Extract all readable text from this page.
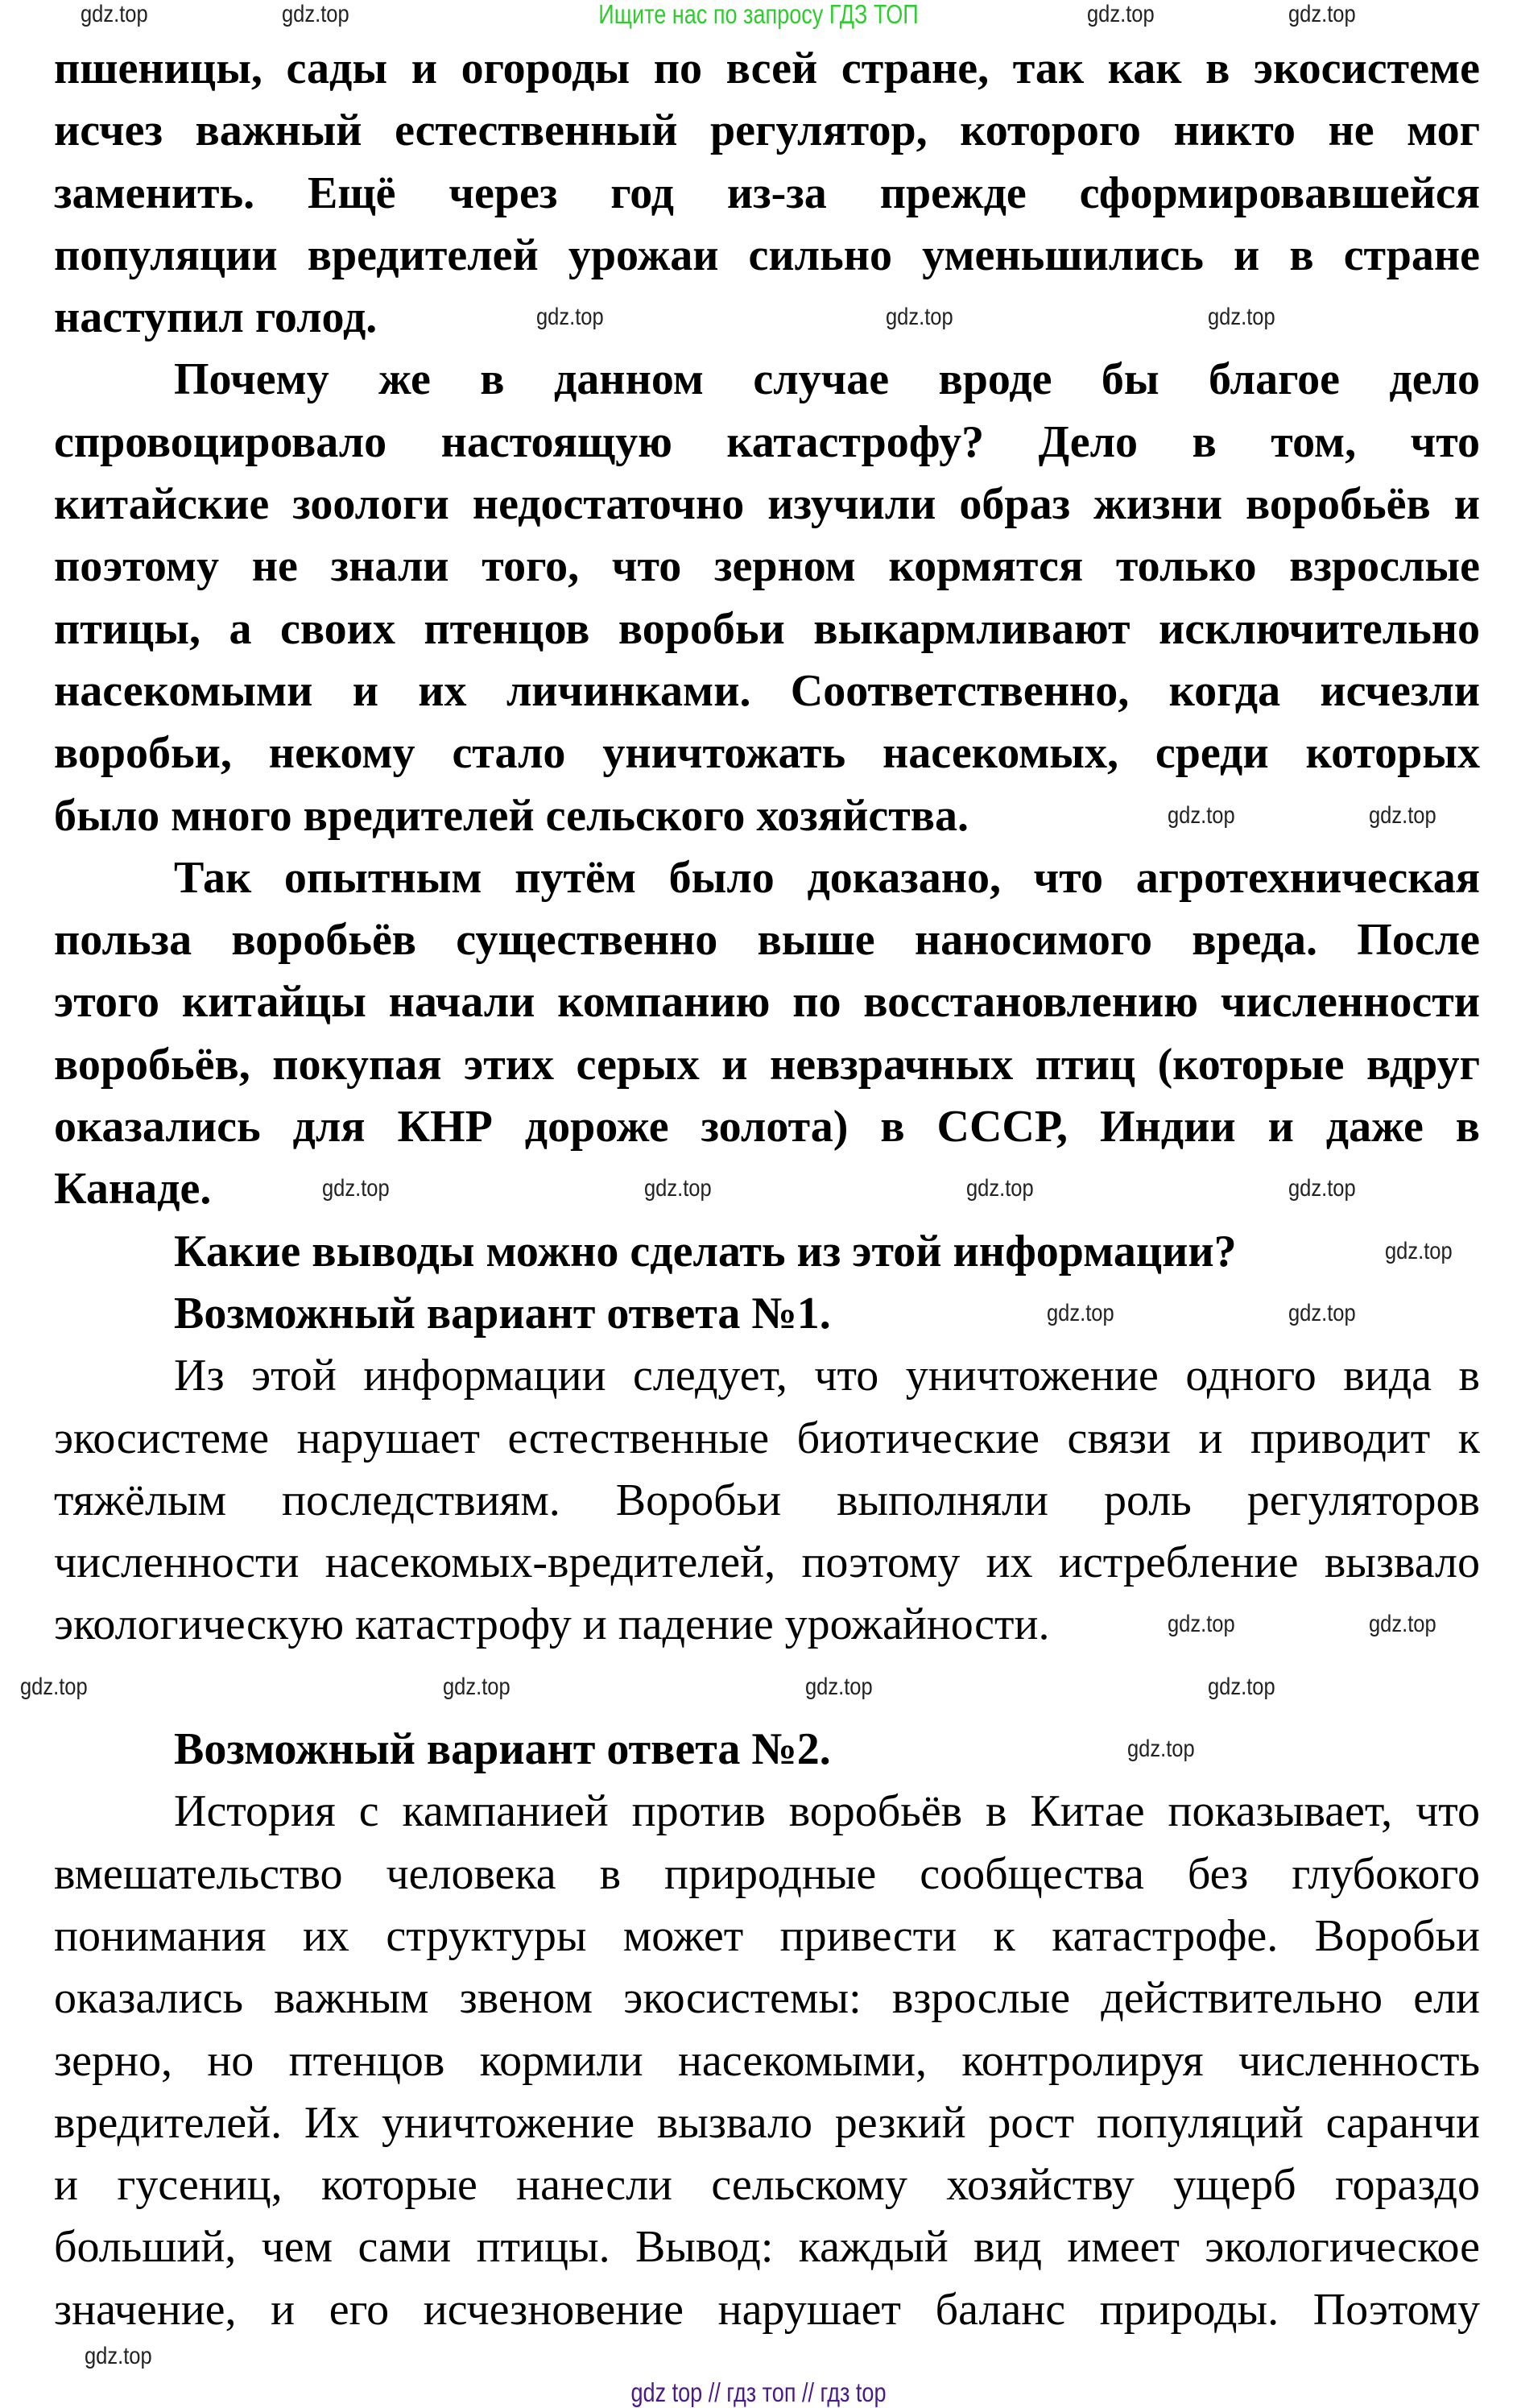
Ищите нас по запросу ГДЗ ТОП
пшеницы, сады и огороды по всей стране, так как в экосистеме
исчез важный естественный регулятор, которого никто не мог
заменить. Ещё через год из-за прежде сформировавшейся
популяции вредителей урожаи сильно уменьшились и в стране
наступил голод.
Почему же в данном случае вроде бы благое дело
спровоцировало настоящую катастрофу? Дело в том, что
китайские зоологи недостаточно изучили образ жизни воробьёв и
поэтому не знали того, что зерном кормятся только взрослые
птицы, а своих птенцов воробьи выкармливают исключительно
насекомыми и их личинками. Соответственно, когда исчезли
воробьи, некому стало уничтожать насекомых, среди которых
было много вредителей сельского хозяйства.
Так опытным путём было доказано, что агротехническая
польза воробьёв существенно выше наносимого вреда. После
этого китайцы начали компанию по восстановлению численности
воробьёв, покупая этих серых и невзрачных птиц (которые вдруг
оказались для КНР дороже золота) в СССР, Индии и даже в
Канаде.
Какие выводы можно сделать из этой информации?
Возможный вариант ответа №1.
Из этой информации следует, что уничтожение одного вида в
экосистеме нарушает естественные биотические связи и приводит к
тяжёлым последствиям. Воробьи выполняли роль регуляторов
численности насекомых-вредителей, поэтому их истребление вызвало
экологическую катастрофу и падение урожайности.
Возможный вариант ответа №2.
История с кампанией против воробьёв в Китае показывает, что
вмешательство человека в природные сообщества без глубокого
понимания их структуры может привести к катастрофе. Воробьи
оказались важным звеном экосистемы: взрослые действительно ели
зерно, но птенцов кормили насекомыми, контролируя численность
вредителей. Их уничтожение вызвало резкий рост популяций саранчи
и гусениц, которые нанесли сельскому хозяйству ущерб гораздо
больший, чем сами птицы. Вывод: каждый вид имеет экологическое
значение, и его исчезновение нарушает баланс природы. Поэтому
gdz.top	gdz.top	gdz.top	gdz.top
gdz.top	gdz.top	gdz.top
gdz.top	gdz.top
gdz.top	gdz.top	gdz.top	gdz.top
gdz.top
gdz.top	gdz.top
gdz.top	gdz.top
gdz.top	gdz.top	gdz.top	gdz.top
gdz.top
gdz.top
gdz top // гдз топ // гдз top
